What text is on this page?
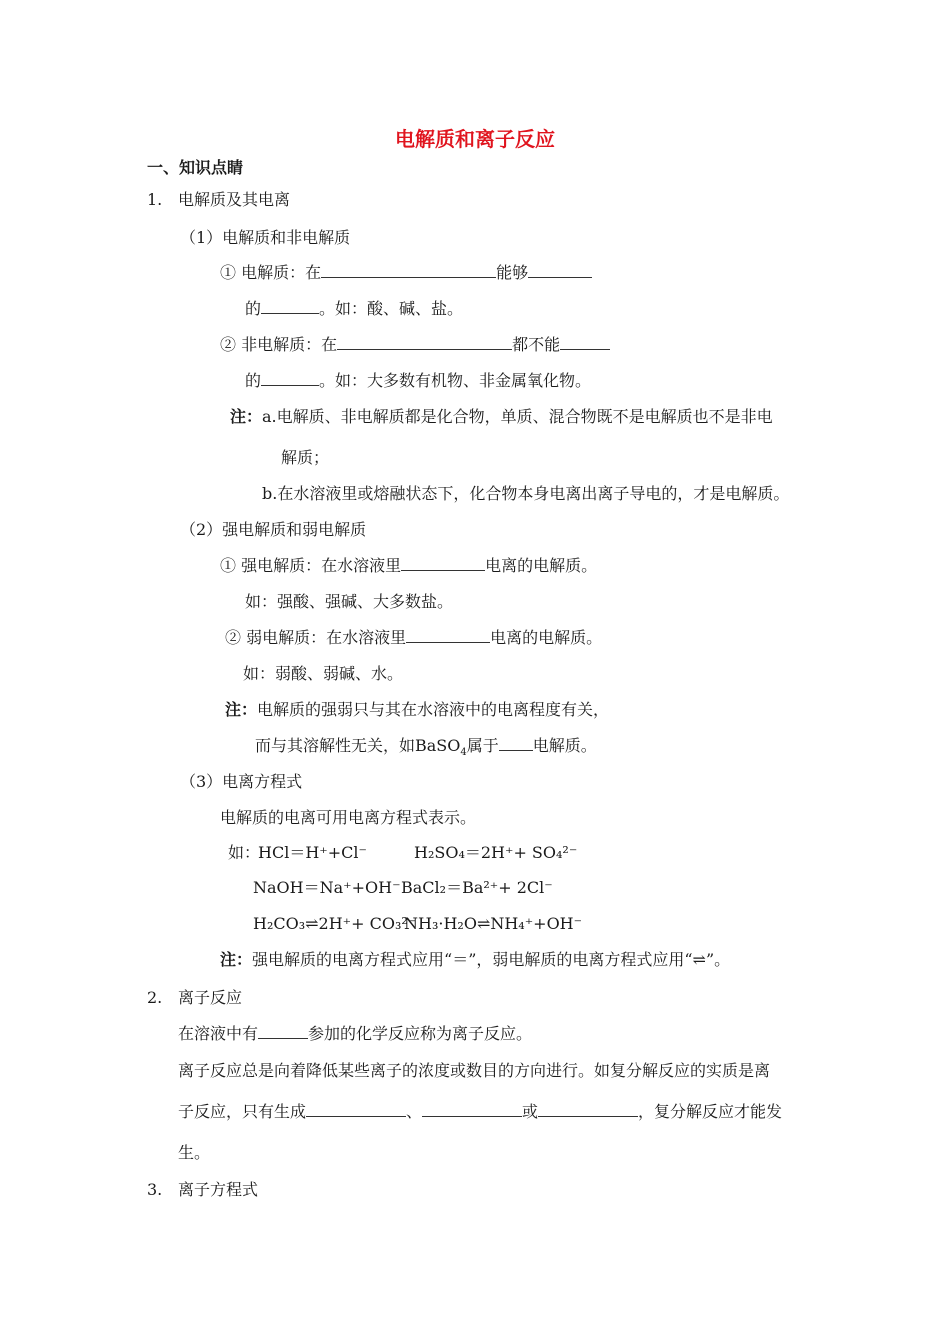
电解质和离子反应
一、知识点睛
1. 电解质及其电离
（1）电解质和非电解质
① 电解质：在	能够
的	。如：酸、碱、盐。
② 非电解质：在	都不能
的	。如：大多数有机物、非金属氧化物。
注：a.电解质、非电解质都是化合物，单质、混合物既不是电解质也不是非电
解质；
b.在水溶液里或熔融状态下，化合物本身电离出离子导电的，才是电解质。
（2）强电解质和弱电解质
① 强电解质：在水溶液里	电离的电解质。
如：强酸、强碱、大多数盐。
② 弱电解质：在水溶液里	电离的电解质。
如：弱酸、弱碱、水。
注：电解质的强弱只与其在水溶液中的电离程度有关，
而与其溶解性无关，如BaSO$_4$属于 电解质。
（3）电离方程式
电解质的电离可用电离方程式表示。
如：
HCl＝H⁺+Cl⁻	H₂SO₄＝2H⁺+ SO₄²⁻
NaOH＝Na⁺+OH⁻ BaCl₂＝Ba²⁺+ 2Cl⁻
H₂CO₃⇌2H⁺+ CO₃²⁻
NH₃·H₂O⇌NH₄⁺+OH⁻
注：强电解质的电离方程式应用“＝”，弱电解质的电离方程式应用“⇌”。
2. 离子反应
在溶液中有	参加的化学反应称为离子反应。
离子反应总是向着降低某些离子的浓度或数目的方向进行。如复分解反应的实质是离
子反应，只有生成	、	或	，复分解反应才能发
生。
3. 离子方程式
